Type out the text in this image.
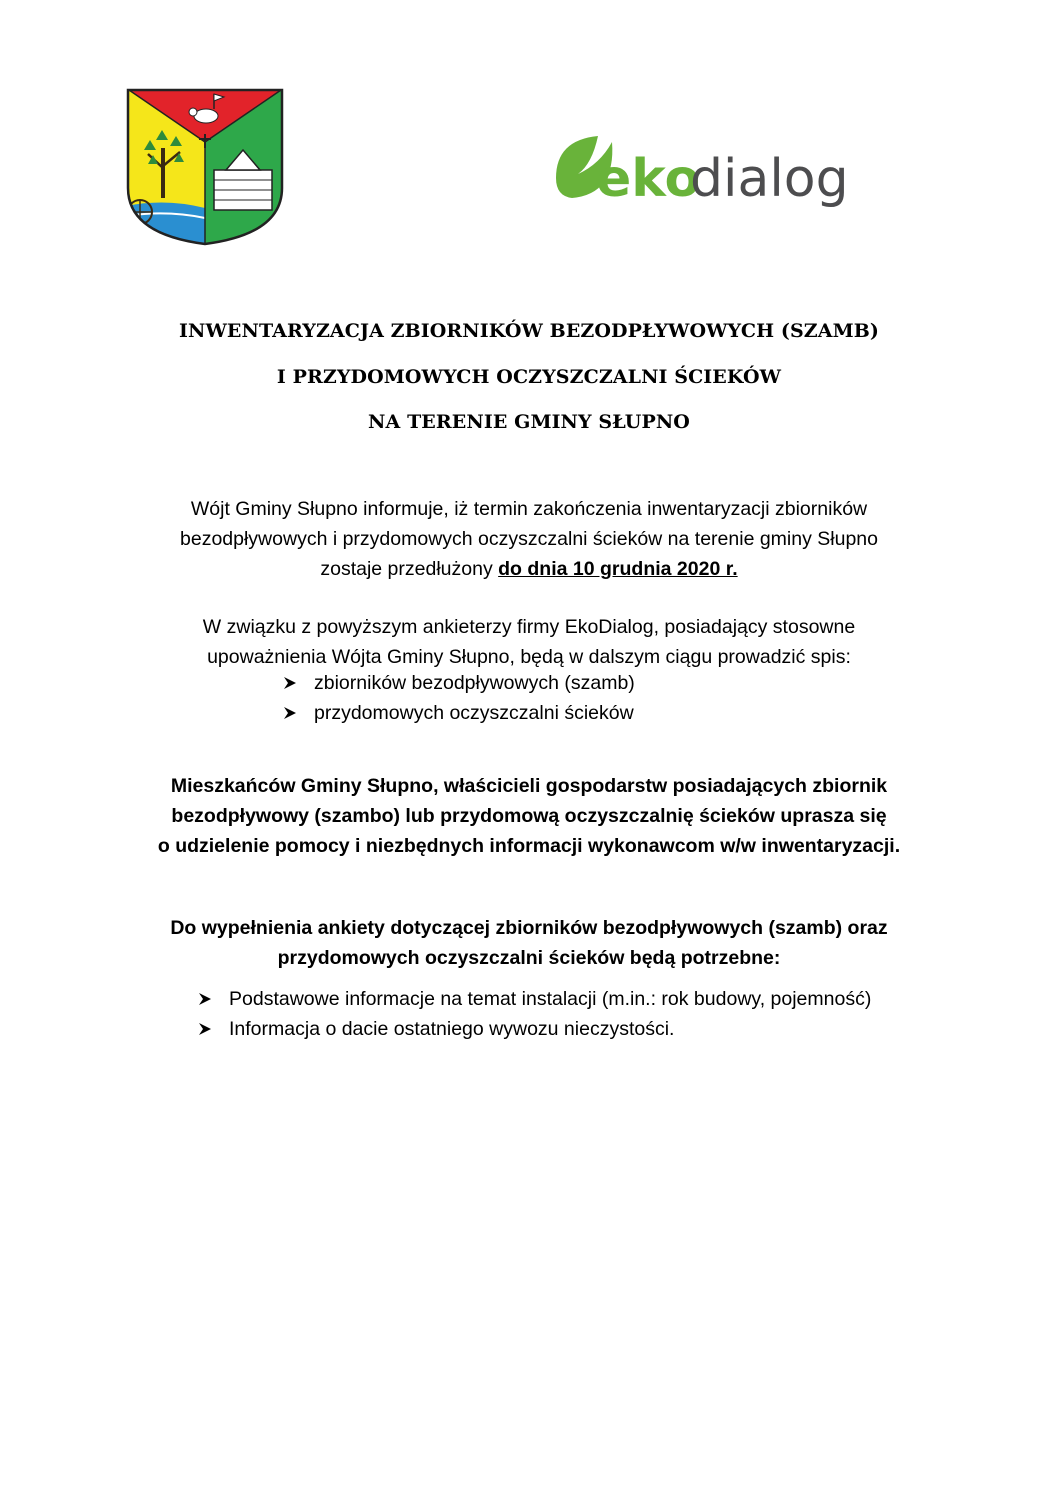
eko
dialog
INWENTARYZACJA ZBIORNIKÓW BEZODPŁYWOWYCH (SZAMB)
I PRZYDOMOWYCH OCZYSZCZALNI ŚCIEKÓW
NA TERENIE GMINY SŁUPNO
Wójt Gminy Słupno informuje, iż termin zakończenia inwentaryzacji zbiorników
bezodpływowych i przydomowych oczyszczalni ścieków na terenie gminy Słupno
zostaje przedłużony do dnia 10 grudnia 2020 r.
W związku z powyższym ankieterzy firmy EkoDialog, posiadający stosowne
upoważnienia Wójta Gminy Słupno, będą w dalszym ciągu prowadzić spis:
zbiorników bezodpływowych (szamb)
przydomowych oczyszczalni ścieków
Mieszkańców Gminy Słupno, właścicieli gospodarstw posiadających zbiornik
bezodpływowy (szambo) lub przydomową oczyszczalnię ścieków uprasza się
o udzielenie pomocy i niezbędnych informacji wykonawcom w/w inwentaryzacji.
Do wypełnienia ankiety dotyczącej zbiorników bezodpływowych (szamb) oraz
przydomowych oczyszczalni ścieków będą potrzebne:
Podstawowe informacje na temat instalacji (m.in.: rok budowy, pojemność)
Informacja o dacie ostatniego wywozu nieczystości.
